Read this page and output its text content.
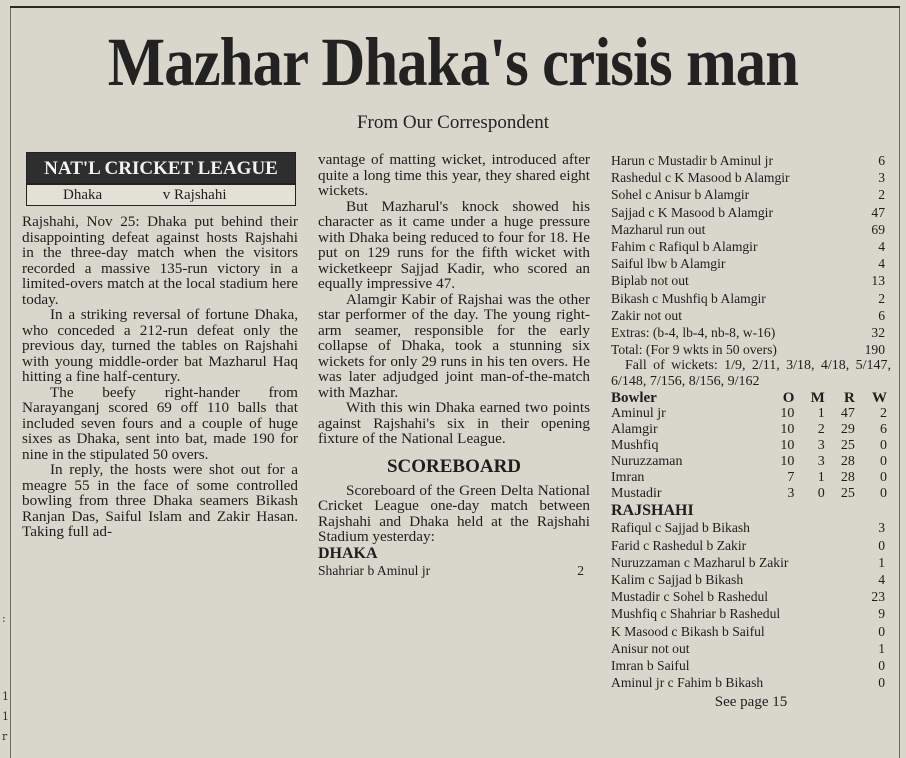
Mazhar Dhaka's crisis man
From Our Correspondent
NAT'L CRICKET LEAGUE
Dhaka	v Rajshahi

Rajshahi, Nov 25: Dhaka put behind their disappointing defeat against hosts Rajshahi in the three-day match when the visitors recorded a massive 135-run victory in a limited-overs match at the local stadium here today.

In a striking reversal of fortune Dhaka, who conceded a 212-run defeat only the previous day, turned the tables on Rajshahi with young middle-order bat Mazharul Haq hitting a fine half-century.

The beefy right-hander from Narayanganj scored 69 off 110 balls that included seven fours and a couple of huge sixes as Dhaka, sent into bat, made 190 for nine in the stipulated 50 overs.

In reply, the hosts were shot out for a meagre 55 in the face of some controlled bowling from three Dhaka seamers Bikash Ranjan Das, Saiful Islam and Zakir Hasan. Taking full ad-

vantage of matting wicket, introduced after quite a long time this year, they shared eight wickets.

But Mazharul's knock showed his character as it came under a huge pressure with Dhaka being reduced to four for 18. He put on 129 runs for the fifth wicket with wicketkeepr Sajjad Kadir, who scored an equally impressive 47.

Alamgir Kabir of Rajshai was the other star performer of the day. The young right-arm seamer, responsible for the early collapse of Dhaka, took a stunning six wickets for only 29 runs in his ten overs. He was later adjudged joint man-of-the-match with Mazhar.

With this win Dhaka earned two points against Rajshahi's six in their opening fixture of the National League.

SCOREBOARD

Scoreboard of the Green Delta National Cricket League one-day match between Rajshahi and Dhaka held at the Rajshahi Stadium yesterday:

DHAKA
Shahriar b Aminul jr	2
Harun c Mustadir b Aminul jr	6
Rashedul c K Masood b Alamgir	3
Sohel c Anisur b Alamgir	2
Sajjad c K Masood b Alamgir	47
Mazharul run out	69
Fahim c Rafiqul b Alamgir	4
Saiful lbw b Alamgir	4
Biplab not out	13
Bikash c Mushfiq b Alamgir	2
Zakir not out	6
Extras: (b-4, lb-4, nb-8, w-16)	32
Total: (For 9 wkts in 50 overs)	190
Fall of wickets: 1/9, 2/11, 3/18, 4/18, 5/147, 6/148, 7/156, 8/156, 9/162
Bowler	O	M	R	W
Aminul jr	10	1	47	2
Alamgir	10	2	29	6
Mushfiq	10	3	25	0
Nuruzzaman	10	3	28	0
Imran	7	1	28	0
Mustadir	3	0	25	0
RAJSHAHI
Rafiqul c Sajjad b Bikash	3
Farid c Rashedul b Zakir	0
Nuruzzaman c Mazharul b Zakir	1
Kalim c Sajjad b Bikash	4
Mustadir c Sohel b Rashedul	23
Mushfiq c Shahriar b Rashedul	9
K Masood c Bikash b Saiful	0
Anisur not out	1
Imran b Saiful	0
Aminul jr c Fahim b Bikash	0
See page 15
:
1
1
r
